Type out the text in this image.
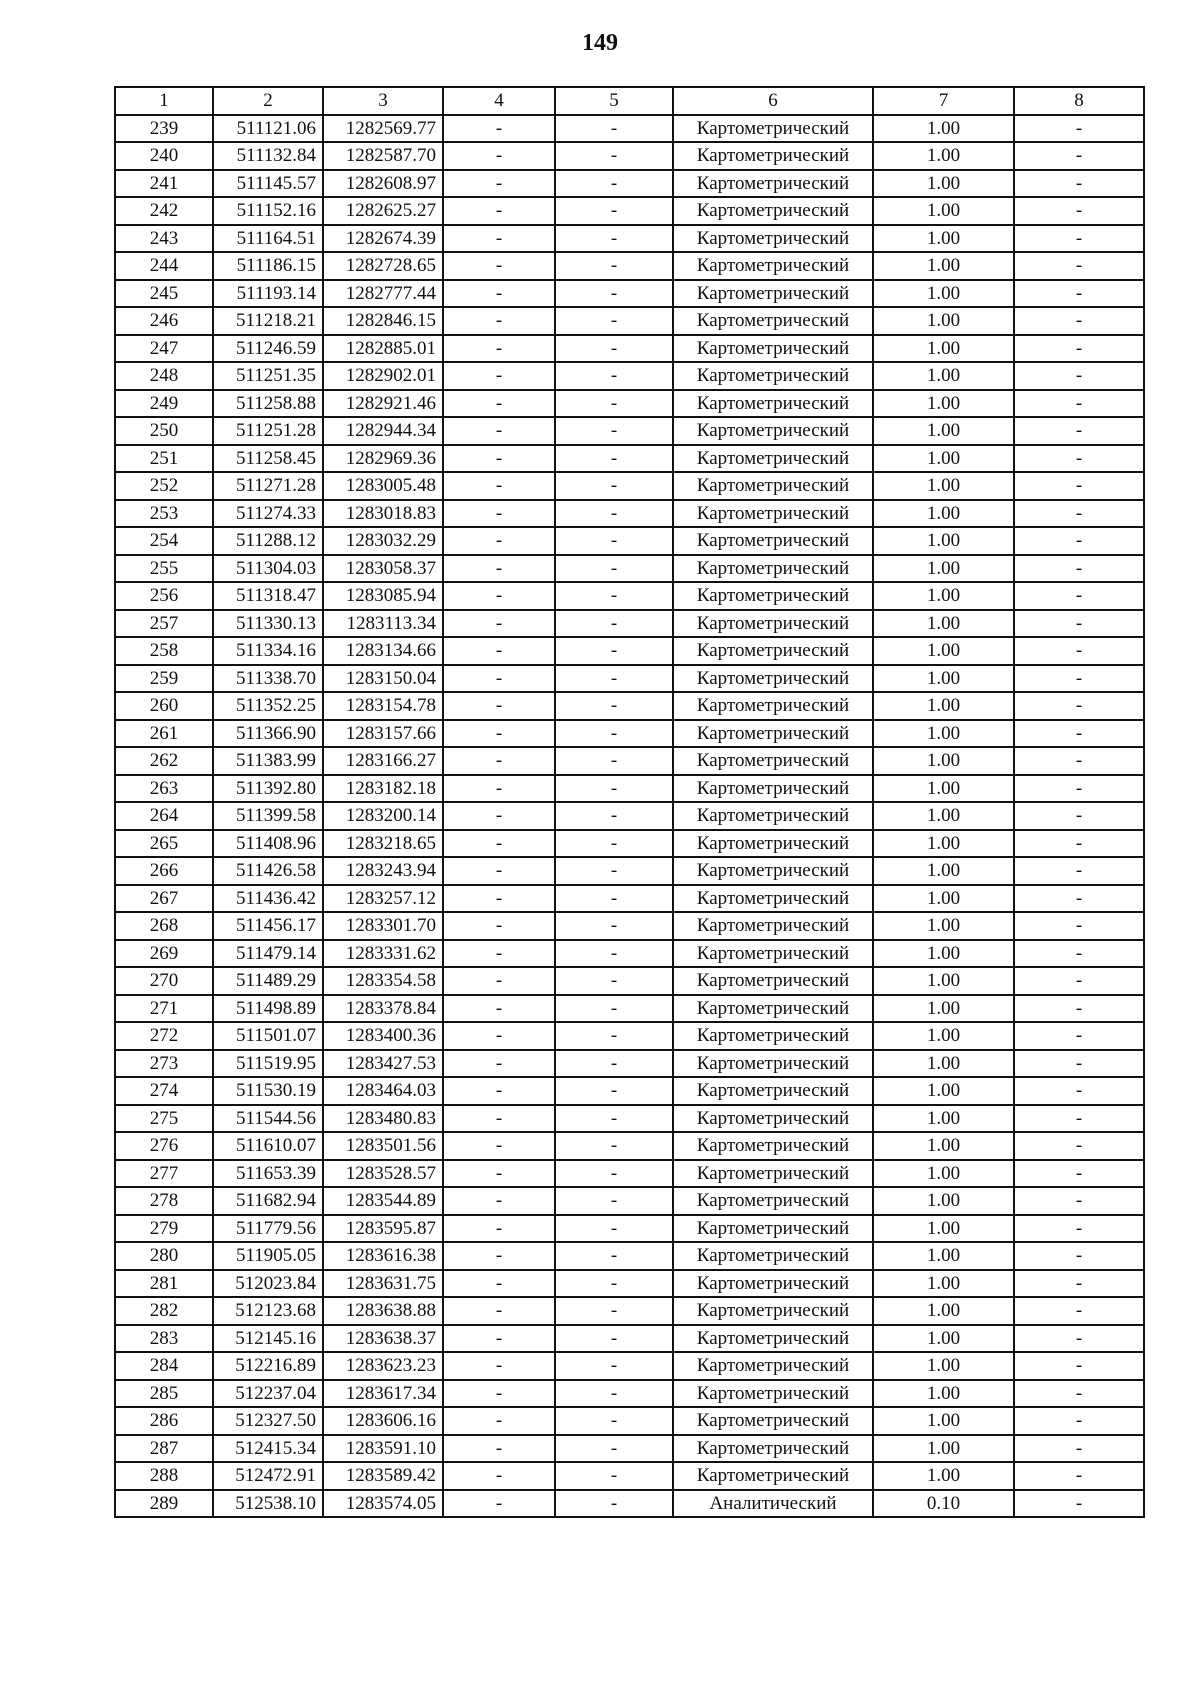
149
1	2	3	4	5	6	7	8
239	511121.06	1282569.77	-	-	Картометрический	1.00	-
240	511132.84	1282587.70	-	-	Картометрический	1.00	-
241	511145.57	1282608.97	-	-	Картометрический	1.00	-
242	511152.16	1282625.27	-	-	Картометрический	1.00	-
243	511164.51	1282674.39	-	-	Картометрический	1.00	-
244	511186.15	1282728.65	-	-	Картометрический	1.00	-
245	511193.14	1282777.44	-	-	Картометрический	1.00	-
246	511218.21	1282846.15	-	-	Картометрический	1.00	-
247	511246.59	1282885.01	-	-	Картометрический	1.00	-
248	511251.35	1282902.01	-	-	Картометрический	1.00	-
249	511258.88	1282921.46	-	-	Картометрический	1.00	-
250	511251.28	1282944.34	-	-	Картометрический	1.00	-
251	511258.45	1282969.36	-	-	Картометрический	1.00	-
252	511271.28	1283005.48	-	-	Картометрический	1.00	-
253	511274.33	1283018.83	-	-	Картометрический	1.00	-
254	511288.12	1283032.29	-	-	Картометрический	1.00	-
255	511304.03	1283058.37	-	-	Картометрический	1.00	-
256	511318.47	1283085.94	-	-	Картометрический	1.00	-
257	511330.13	1283113.34	-	-	Картометрический	1.00	-
258	511334.16	1283134.66	-	-	Картометрический	1.00	-
259	511338.70	1283150.04	-	-	Картометрический	1.00	-
260	511352.25	1283154.78	-	-	Картометрический	1.00	-
261	511366.90	1283157.66	-	-	Картометрический	1.00	-
262	511383.99	1283166.27	-	-	Картометрический	1.00	-
263	511392.80	1283182.18	-	-	Картометрический	1.00	-
264	511399.58	1283200.14	-	-	Картометрический	1.00	-
265	511408.96	1283218.65	-	-	Картометрический	1.00	-
266	511426.58	1283243.94	-	-	Картометрический	1.00	-
267	511436.42	1283257.12	-	-	Картометрический	1.00	-
268	511456.17	1283301.70	-	-	Картометрический	1.00	-
269	511479.14	1283331.62	-	-	Картометрический	1.00	-
270	511489.29	1283354.58	-	-	Картометрический	1.00	-
271	511498.89	1283378.84	-	-	Картометрический	1.00	-
272	511501.07	1283400.36	-	-	Картометрический	1.00	-
273	511519.95	1283427.53	-	-	Картометрический	1.00	-
274	511530.19	1283464.03	-	-	Картометрический	1.00	-
275	511544.56	1283480.83	-	-	Картометрический	1.00	-
276	511610.07	1283501.56	-	-	Картометрический	1.00	-
277	511653.39	1283528.57	-	-	Картометрический	1.00	-
278	511682.94	1283544.89	-	-	Картометрический	1.00	-
279	511779.56	1283595.87	-	-	Картометрический	1.00	-
280	511905.05	1283616.38	-	-	Картометрический	1.00	-
281	512023.84	1283631.75	-	-	Картометрический	1.00	-
282	512123.68	1283638.88	-	-	Картометрический	1.00	-
283	512145.16	1283638.37	-	-	Картометрический	1.00	-
284	512216.89	1283623.23	-	-	Картометрический	1.00	-
285	512237.04	1283617.34	-	-	Картометрический	1.00	-
286	512327.50	1283606.16	-	-	Картометрический	1.00	-
287	512415.34	1283591.10	-	-	Картометрический	1.00	-
288	512472.91	1283589.42	-	-	Картометрический	1.00	-
289	512538.10	1283574.05	-	-	Аналитический	0.10	-
